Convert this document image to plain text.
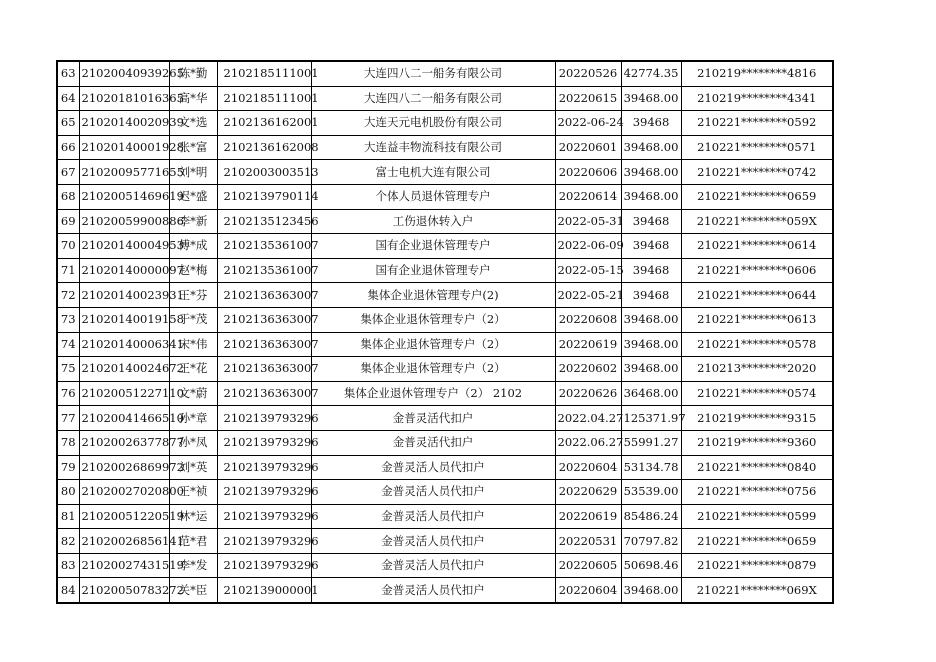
63	21020040939265	陈*勤	2102185111001	大连四八二一船务有限公司	20220526	42774.35	210219********4816
64	21020181016365	高*华	2102185111001	大连四八二一船务有限公司	20220615	39468.00	210219********4341
65	21020140020939	文*选	2102136162001	大连天元电机股份有限公司	2022-06-24	39468	210221********0592
66	21020140001928	张*富	2102136162008	大连益丰物流科技有限公司	20220601	39468.00	210221********0571
67	21020095771655	刘*明	2102003003513	富士电机大连有限公司	20220606	39468.00	210221********0742
68	21020051469619	迟*盛	2102139790114	个体人员退休管理专户	20220614	39468.00	210221********0659
69	21020059900886	李*新	2102135123456	工伤退休转入户	2022-05-31	39468	210221********059X
70	21020140004953	傅*成	2102135361007	国有企业退休管理专户	2022-06-09	39468	210221********0614
71	21020140000097	赵*梅	2102135361007	国有企业退休管理专户	2022-05-15	39468	210221********0606
72	21020140023931	王*芬	2102136363007	集体企业退休管理专户(2)	2022-05-21	39468	210221********0644
73	21020140019158	于*茂	2102136363007	集体企业退休管理专户（2）	20220608	39468.00	210221********0613
74	21020140006341	宋*伟	2102136363007	集体企业退休管理专户（2）	20220619	39468.00	210221********0578
75	21020140024672	王*花	2102136363007	集体企业退休管理专户（2）	20220602	39468.00	210213********2020
76	21020051227110	文*蔚	2102136363007	集体企业退休管理专户（2） 2102	20220626	36468.00	210221********0574
77	21020041466510	孙*章	2102139793296	金普灵活代扣户	2022.04.27	125371.97	210219********9315
78	21020026377877	孙*凤	2102139793296	金普灵活代扣户	2022.06.27	55991.27	210219********9360
79	21020026869972	刘*英	2102139793296	金普灵活人员代扣户	20220604	53134.78	210221********0840
80	21020027020800	王*祯	2102139793296	金普灵活人员代扣户	20220629	53539.00	210221********0756
81	21020051220519	林*运	2102139793296	金普灵活人员代扣户	20220619	85486.24	210221********0599
82	21020026856141	范*君	2102139793296	金普灵活人员代扣户	20220531	70797.82	210221********0659
83	21020027431519	李*发	2102139793296	金普灵活人员代扣户	20220605	50698.46	210221********0879
84	21020050783272	关*臣	2102139000001	金普灵活人员代扣户	20220604	39468.00	210221********069X
